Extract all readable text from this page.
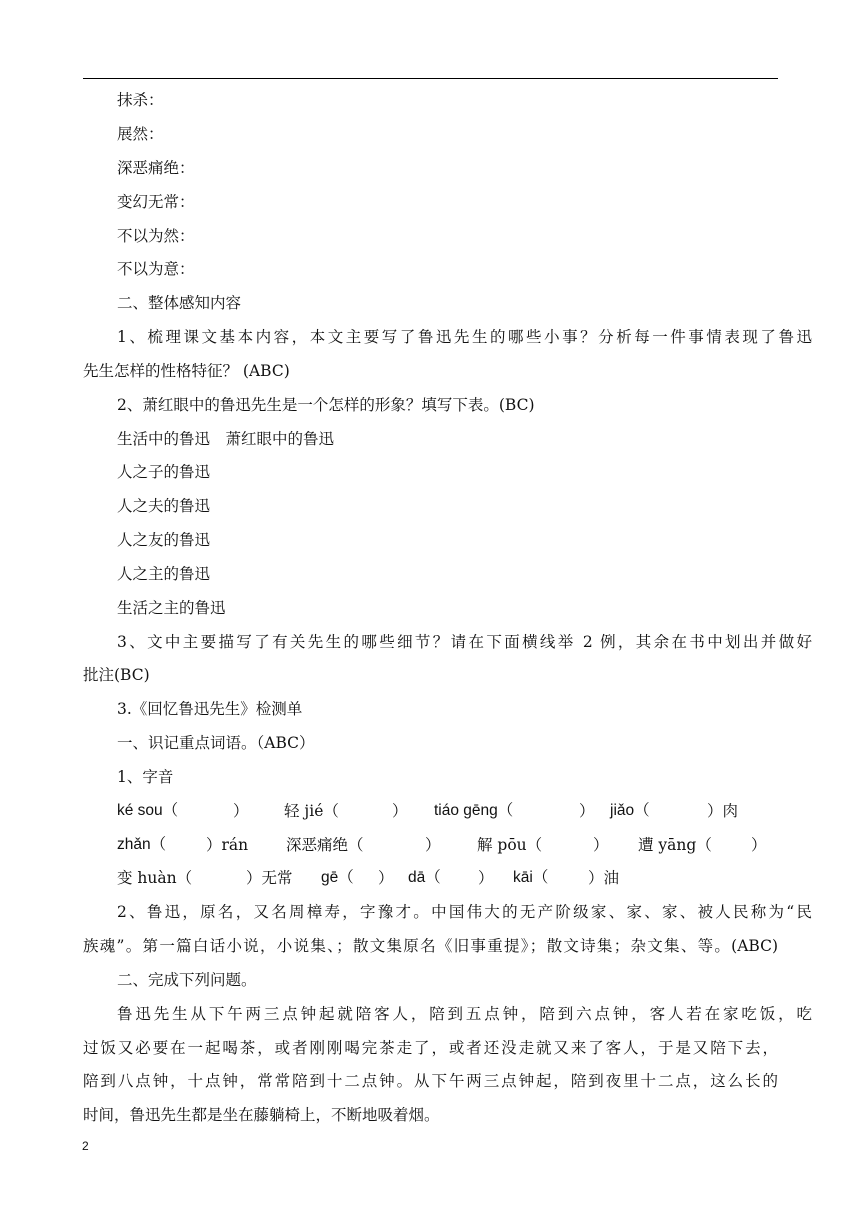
抹杀：
展然：
深恶痛绝：
变幻无常：
不以为然：
不以为意：
二、整体感知内容
1、梳理课文基本内容，本文主要写了鲁迅先生的哪些小事？分析每一件事情表现了鲁迅
先生怎样的性格特征？ (ABC)
2、萧红眼中的鲁迅先生是一个怎样的形象？填写下表。(BC)
生活中的鲁迅　萧红眼中的鲁迅
人之子的鲁迅
人之夫的鲁迅
人之友的鲁迅
人之主的鲁迅
生活之主的鲁迅
3、文中主要描写了有关先生的哪些细节？请在下面横线举 2 例，其余在书中划出并做好
批注(BC)
3.《回忆鲁迅先生》检测单
一、识记重点词语。（ABC）
1、字音
ké sou（	） 轻 jié（	） tiáo gēng（	） jiǎo（	）肉
zhǎn（	）rán 深恶痛绝（	） 解 pōu（	） 遭 yāng（	）
变 huàn（	）无常 gē（ ） dā（ ） kāi（	）油
2、鲁迅，原名，又名周樟寿，字豫才。中国伟大的无产阶级家、家、家、被人民称为“民
族魂”。第一篇白话小说，小说集、；散文集原名《旧事重提》；散文诗集；杂文集、等。(ABC)
二、完成下列问题。
鲁迅先生从下午两三点钟起就陪客人，陪到五点钟，陪到六点钟，客人若在家吃饭，吃
过饭又必要在一起喝茶，或者刚刚喝完茶走了，或者还没走就又来了客人，于是又陪下去，
陪到八点钟，十点钟，常常陪到十二点钟。从下午两三点钟起，陪到夜里十二点，这么长的
时间，鲁迅先生都是坐在藤躺椅上，不断地吸着烟。
2
